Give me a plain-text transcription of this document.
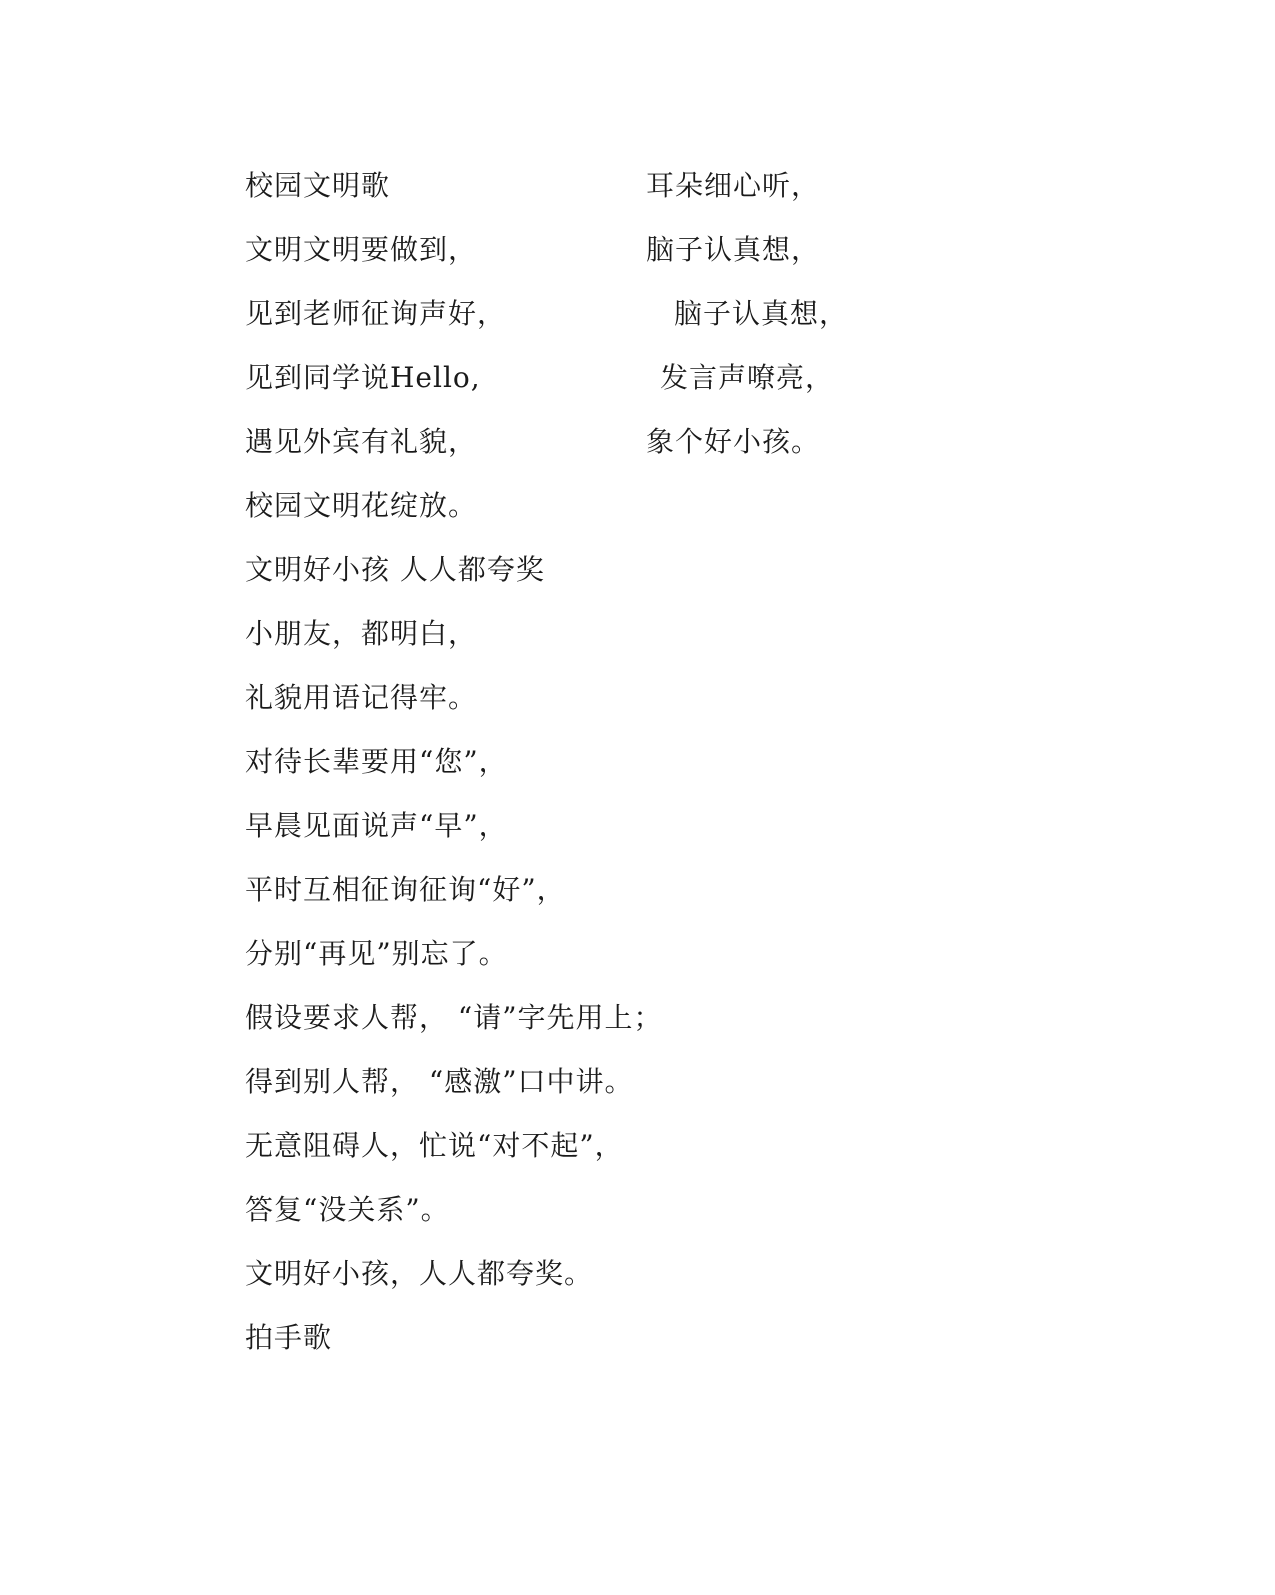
校园文明歌
文明文明要做到，
见到老师征询声好，
见到同学说Hello,
遇见外宾有礼貌，
校园文明花绽放。
文明好小孩 人人都夸奖
小朋友，都明白，
礼貌用语记得牢。
对待长辈要用“您”，
早晨见面说声“早”，
平时互相征询征询“好”，
分别“再见”别忘了。
假设要求人帮， “请”字先用上；
得到别人帮， “感激”口中讲。
无意阻碍人，忙说“对不起”，
答复“没关系”。
文明好小孩，人人都夸奖。
拍手歌
耳朵细心听，
脑子认真想，
脑子认真想，
发言声嘹亮，
象个好小孩。
